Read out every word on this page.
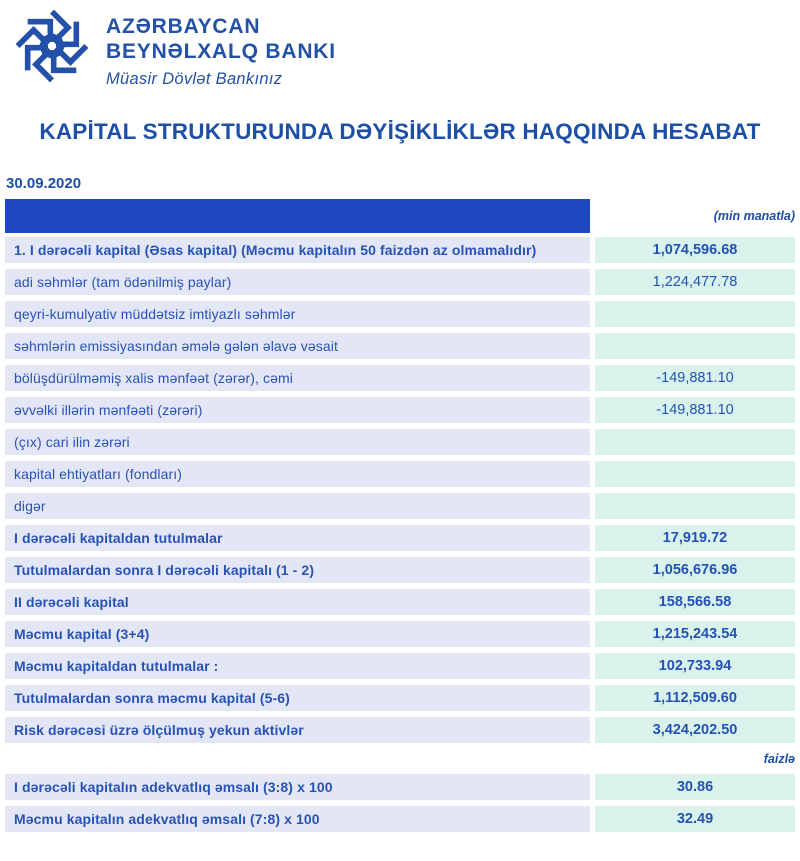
AZƏRBAYCAN
BEYNƏLXALQ BANKI
Müasir Dövlət Bankınız
KAPİTAL STRUKTURUNDA DƏYİŞİKLİKLƏR HAQQINDA HESABAT
30.09.2020
(min manatla)
1. I dərəcəli kapital (Əsas kapital) (Məcmu kapitalın 50 faizdən az olmamalıdır)	1,074,596.68
adi səhmlər (tam ödənilmiş paylar)	1,224,477.78
qeyri-kumulyativ müddətsiz imtiyazlı səhmlər
səhmlərin emissiyasından əmələ gələn əlavə vəsait
bölüşdürülməmiş xalis mənfəət (zərər), cəmi	-149,881.10
əvvəlki illərin mənfəəti (zərəri)	-149,881.10
(çıx) cari ilin zərəri
kapital ehtiyatları (fondları)
digər
I dərəcəli kapitaldan tutulmalar	17,919.72
Tutulmalardan sonra I dərəcəli kapitalı (1 - 2)	1,056,676.96
II dərəcəli kapital	158,566.58
Məcmu kapital (3+4)	1,215,243.54
Məcmu kapitaldan tutulmalar :	102,733.94
Tutulmalardan sonra məcmu kapital (5-6)	1,112,509.60
Risk dərəcəsi üzrə ölçülmuş yekun aktivlər	3,424,202.50
faizlə
I dərəcəli kapitalın adekvatlıq əmsalı (3:8) x 100	30.86
Məcmu kapitalın adekvatlıq əmsalı (7:8) x 100	32.49
